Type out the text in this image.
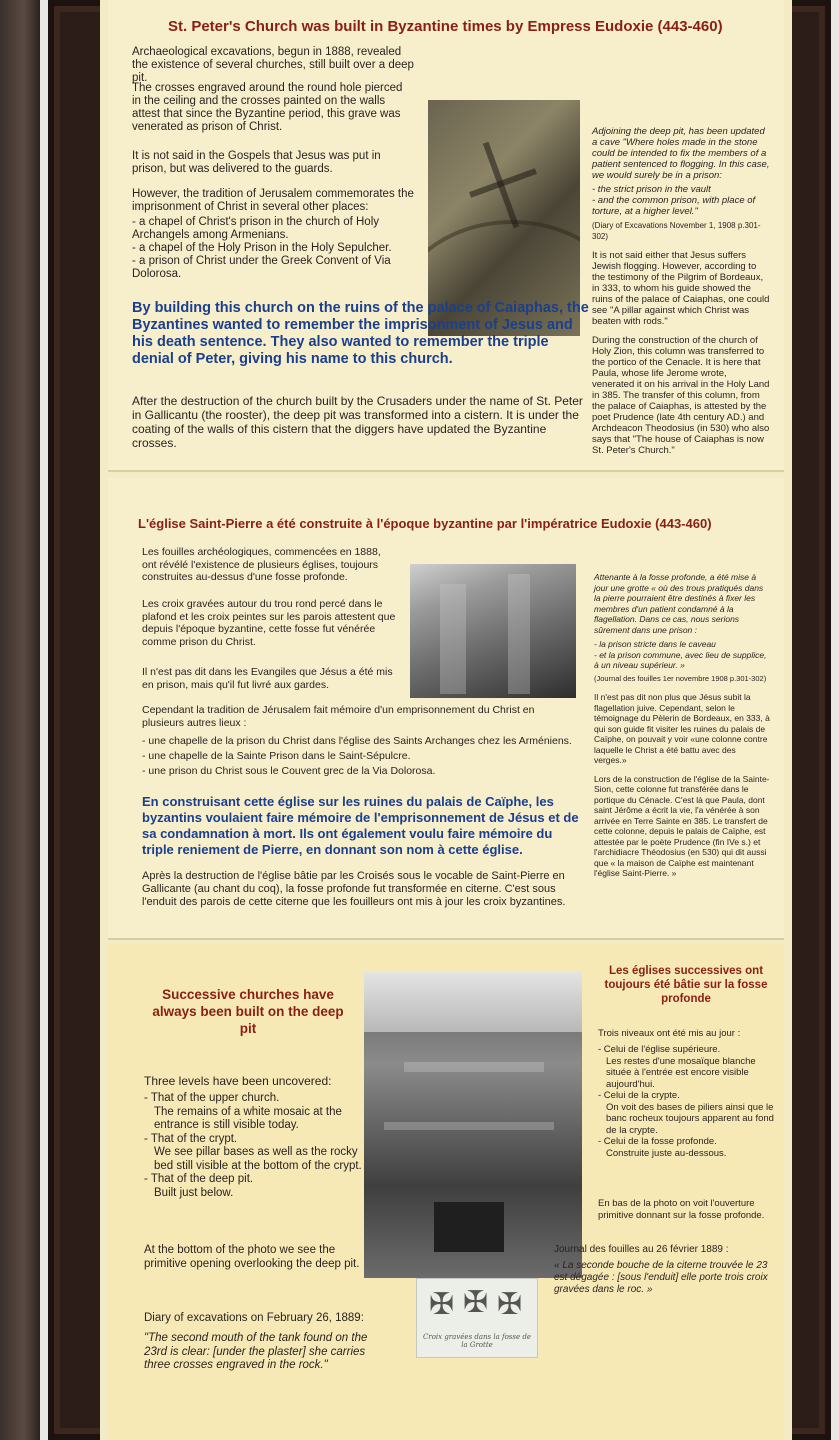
St. Peter's Church was built in Byzantine times by Empress Eudoxie (443-460)

Archaeological excavations, begun in 1888, revealed the existence of several churches, still built over a deep pit.

The crosses engraved around the round hole pierced in the ceiling and the crosses painted on the walls attest that since the Byzantine period, this grave was venerated as prison of Christ.

It is not said in the Gospels that Jesus was put in prison, but was delivered to the guards.

However, the tradition of Jerusalem commemorates the imprisonment of Christ in several other places:

- a chapel of Christ's prison in the church of Holy Archangels among Armenians.

- a chapel of the Holy Prison in the Holy Sepulcher.

- a prison of Christ under the Greek Convent of Via Dolorosa.

Adjoining the deep pit, has been updated a cave "Where holes made in the stone could be intended to fix the members of a patient sentenced to flogging. In this case, we would surely be in a prison:

- the strict prison in the vault

- and the common prison, with place of torture, at a higher level."

(Diary of Excavations November 1, 1908 p.301-302)

It is not said either that Jesus suffers Jewish flogging. However, according to the testimony of the Pilgrim of Bordeaux, in 333, to whom his guide showed the ruins of the palace of Caiaphas, one could see "A pillar against which Christ was beaten with rods."

During the construction of the church of Holy Zion, this column was transferred to the portico of the Cenacle. It is here that Paula, whose life Jerome wrote, venerated it on his arrival in the Holy Land in 385. The transfer of this column, from the palace of Caiaphas, is attested by the poet Prudence (late 4th century AD.) and Archdeacon Theodosius (in 530) who also says that "The house of Caiaphas is now St. Peter's Church."

By building this church on the ruins of the palace of Caiaphas, the Byzantines wanted to remember the imprisonment of Jesus and his death sentence. They also wanted to remember the triple denial of Peter, giving his name to this church.

After the destruction of the church built by the Crusaders under the name of St. Peter in Gallicantu (the rooster), the deep pit was transformed into a cistern. It is under the coating of the walls of this cistern that the diggers have updated the Byzantine crosses.

L'église Saint-Pierre a été construite à l'époque byzantine par l'impératrice Eudoxie (443-460)

Les fouilles archéologiques, commencées en 1888, ont révélé l'existence de plusieurs églises, toujours construites au-dessus d'une fosse profonde.

Les croix gravées autour du trou rond percé dans le plafond et les croix peintes sur les parois attestent que depuis l'époque byzantine, cette fosse fut vénérée comme prison du Christ.

Il n'est pas dit dans les Evangiles que Jésus a été mis en prison, mais qu'il fut livré aux gardes.

Cependant la tradition de Jérusalem fait mémoire d'un emprisonnement du Christ en plusieurs autres lieux :

- une chapelle de la prison du Christ dans l'église des Saints Archanges chez les Arméniens.

- une chapelle de la Sainte Prison dans le Saint-Sépulcre.

- une prison du Christ sous le Couvent grec de la Via Dolorosa.

En construisant cette église sur les ruines du palais de Caïphe, les byzantins voulaient faire mémoire de l'emprisonnement de Jésus et de sa condamnation à mort. Ils ont également voulu faire mémoire du triple reniement de Pierre, en donnant son nom à cette église.

Après la destruction de l'église bâtie par les Croisés sous le vocable de Saint-Pierre en Gallicante (au chant du coq), la fosse profonde fut transformée en citerne. C'est sous l'enduit des parois de cette citerne que les fouilleurs ont mis à jour les croix byzantines.

Attenante à la fosse profonde, a été mise à jour une grotte « où des trous pratiqués dans la pierre pourraient être destinés à fixer les membres d'un patient condamné à la flagellation. Dans ce cas, nous serions sûrement dans une prison :

- la prison stricte dans le caveau

- et la prison commune, avec lieu de supplice, à un niveau supérieur. »

(Journal des fouilles 1er novembre 1908 p.301-302)

Il n'est pas dit non plus que Jésus subit la flagellation juive. Cependant, selon le témoignage du Pèlerin de Bordeaux, en 333, à qui son guide fit visiter les ruines du palais de Caïphe, on pouvait y voir «une colonne contre laquelle le Christ a été battu avec des verges.»

Lors de la construction de l'église de la Sainte-Sion, cette colonne fut transférée dans le portique du Cénacle. C'est là que Paula, dont saint Jérôme a écrit la vie, l'a vénérée à son arrivée en Terre Sainte en 385. Le transfert de cette colonne, depuis le palais de Caïphe, est attestée par le poète Prudence (fin IVe s.) et l'archidiacre Théodosius (en 530) qui dit aussi que « la maison de Caïphe est maintenant l'église Saint-Pierre. »

Successive churches have always been built on the deep pit

Three levels have been uncovered:

- That of the upper church.

The remains of a white mosaic at the entrance is still visible today.

- That of the crypt.

We see pillar bases as well as the rocky bed still visible at the bottom of the crypt.

- That of the deep pit.

Built just below.

At the bottom of the photo we see the primitive opening overlooking the deep pit.

Diary of excavations on February 26, 1889:

"The second mouth of the tank found on the 23rd is clear: [under the plaster] she carries three crosses engraved in the rock."

✠ ✠ ✠

Croix gravées dans la fosse de la Grotte

Les églises successives ont toujours été bâtie sur la fosse profonde

Trois niveaux ont été mis au jour :

- Celui de l'église supérieure.

Les restes d'une mosaïque blanche située à l'entrée est encore visible aujourd'hui.

- Celui de la crypte.

On voit des bases de piliers ainsi que le banc rocheux toujours apparent au fond de la crypte.

- Celui de la fosse profonde.

Construite juste au-dessous.

En bas de la photo on voit l'ouverture primitive donnant sur la fosse profonde.

Journal des fouilles au 26 février 1889 :

« La seconde bouche de la citerne trouvée le 23 est dégagée : [sous l'enduit] elle porte trois croix gravées dans le roc. »
